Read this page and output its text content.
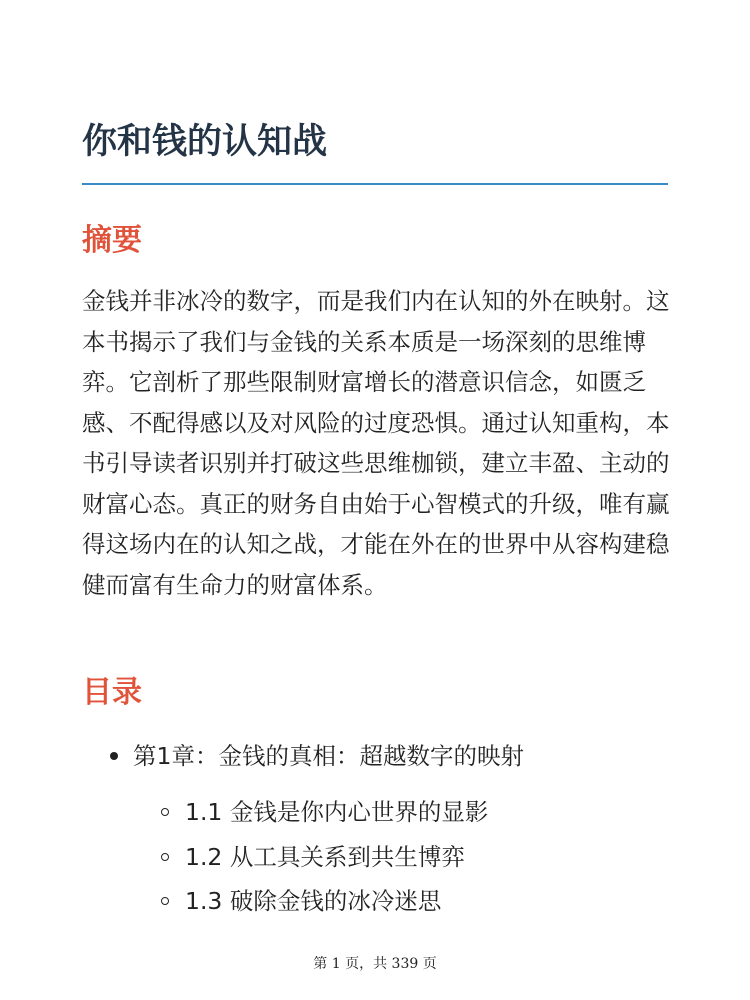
你和钱的认知战
摘要

金钱并非冰冷的数字，而是我们内在认知的外在映射。这本书揭示了我们与金钱的关系本质是一场深刻的思维博弈。它剖析了那些限制财富增长的潜意识信念，如匮乏感、不配得感以及对风险的过度恐惧。通过认知重构，本书引导读者识别并打破这些思维枷锁，建立丰盈、主动的财富心态。真正的财务自由始于心智模式的升级，唯有赢得这场内在的认知之战，才能在外在的世界中从容构建稳健而富有生命力的财富体系。

目录
第1章：金钱的真相：超越数字的映射
1.1 金钱是你内心世界的显影
1.2 从工具关系到共生博弈
1.3 破除金钱的冰冷迷思
第 1 页，共 339 页
